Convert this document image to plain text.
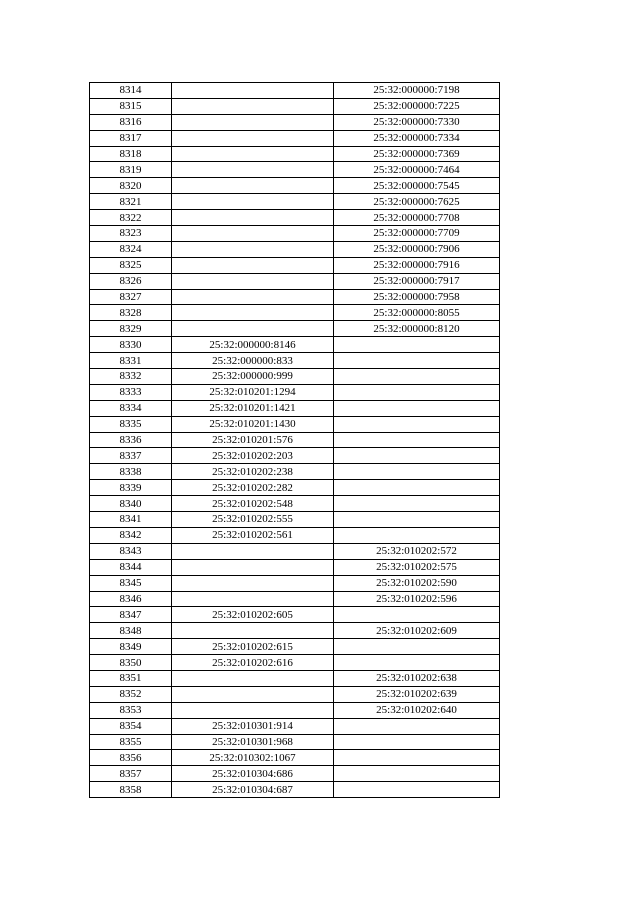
8314		25:32:000000:7198
8315		25:32:000000:7225
8316		25:32:000000:7330
8317		25:32:000000:7334
8318		25:32:000000:7369
8319		25:32:000000:7464
8320		25:32:000000:7545
8321		25:32:000000:7625
8322		25:32:000000:7708
8323		25:32:000000:7709
8324		25:32:000000:7906
8325		25:32:000000:7916
8326		25:32:000000:7917
8327		25:32:000000:7958
8328		25:32:000000:8055
8329		25:32:000000:8120
8330	25:32:000000:8146	
8331	25:32:000000:833	
8332	25:32:000000:999	
8333	25:32:010201:1294	
8334	25:32:010201:1421	
8335	25:32:010201:1430	
8336	25:32:010201:576	
8337	25:32:010202:203	
8338	25:32:010202:238	
8339	25:32:010202:282	
8340	25:32:010202:548	
8341	25:32:010202:555	
8342	25:32:010202:561	
8343		25:32:010202:572
8344		25:32:010202:575
8345		25:32:010202:590
8346		25:32:010202:596
8347	25:32:010202:605	
8348		25:32:010202:609
8349	25:32:010202:615	
8350	25:32:010202:616	
8351		25:32:010202:638
8352		25:32:010202:639
8353		25:32:010202:640
8354	25:32:010301:914	
8355	25:32:010301:968	
8356	25:32:010302:1067	
8357	25:32:010304:686	
8358	25:32:010304:687	
